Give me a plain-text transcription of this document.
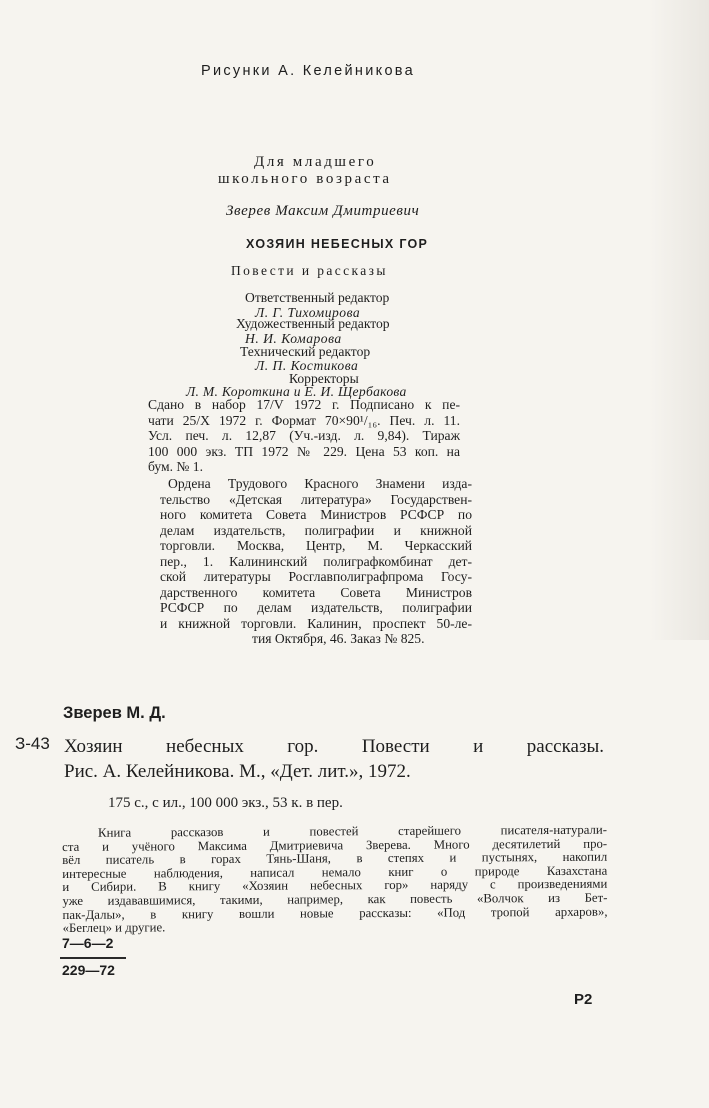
Рисунки А. Келейникова
Для младшего
школьного возраста
Зверев Максим Дмитриевич
ХОЗЯИН НЕБЕСНЫХ ГОР
Повести и рассказы
Ответственный редактор
Л. Г. Тихомирова
Художественный редактор
Н. И. Комарова
Технический редактор
Л. П. Костикова
Корректоры
Л. М. Короткина и Е. И. Щербакова
Сдано в набор 17/V 1972 г. Подписано к пе-
чати 25/X 1972 г. Формат 70×90¹/₁₆. Печ. л. 11.
Усл. печ. л. 12,87 (Уч.-изд. л. 9,84). Тираж
100 000 экз. ТП 1972 № 229. Цена 53 коп. на
бум. № 1.
Ордена Трудового Красного Знамени изда-
тельство «Детская литература» Государствен-
ного комитета Совета Министров РСФСР по
делам издательств, полиграфии и книжной
торговли. Москва, Центр, М. Черкасский
пер., 1. Калининский полиграфкомбинат дет-
ской литературы Росглавполиграфпрома Госу-
дарственного комитета Совета Министров
РСФСР по делам издательств, полиграфии
и книжной торговли. Калинин, проспект 50-ле-
тия Октября, 46. Заказ № 825.
Зверев М. Д.
З-43 Хозяин небесных гор. Повести и рассказы.
Рис. А. Келейникова. М., «Дет. лит.», 1972.
175 с., с ил., 100 000 экз., 53 к. в пер.
Книга рассказов и повестей старейшего писателя-натурали-
ста и учёного Максима Дмитриевича Зверева. Много десятилетий про-
вёл писатель в горах Тянь-Шаня, в степях и пустынях, накопил
интересные наблюдения, написал немало книг о природе Казахстана
и Сибири. В книгу «Хозяин небесных гор» наряду с произведениями
уже издававшимися, такими, например, как повесть «Волчок из Бет-
пак-Далы», в книгу вошли новые рассказы: «Под тропой архаров»,
«Беглец» и другие.
7—6—2
229—72
Р2
